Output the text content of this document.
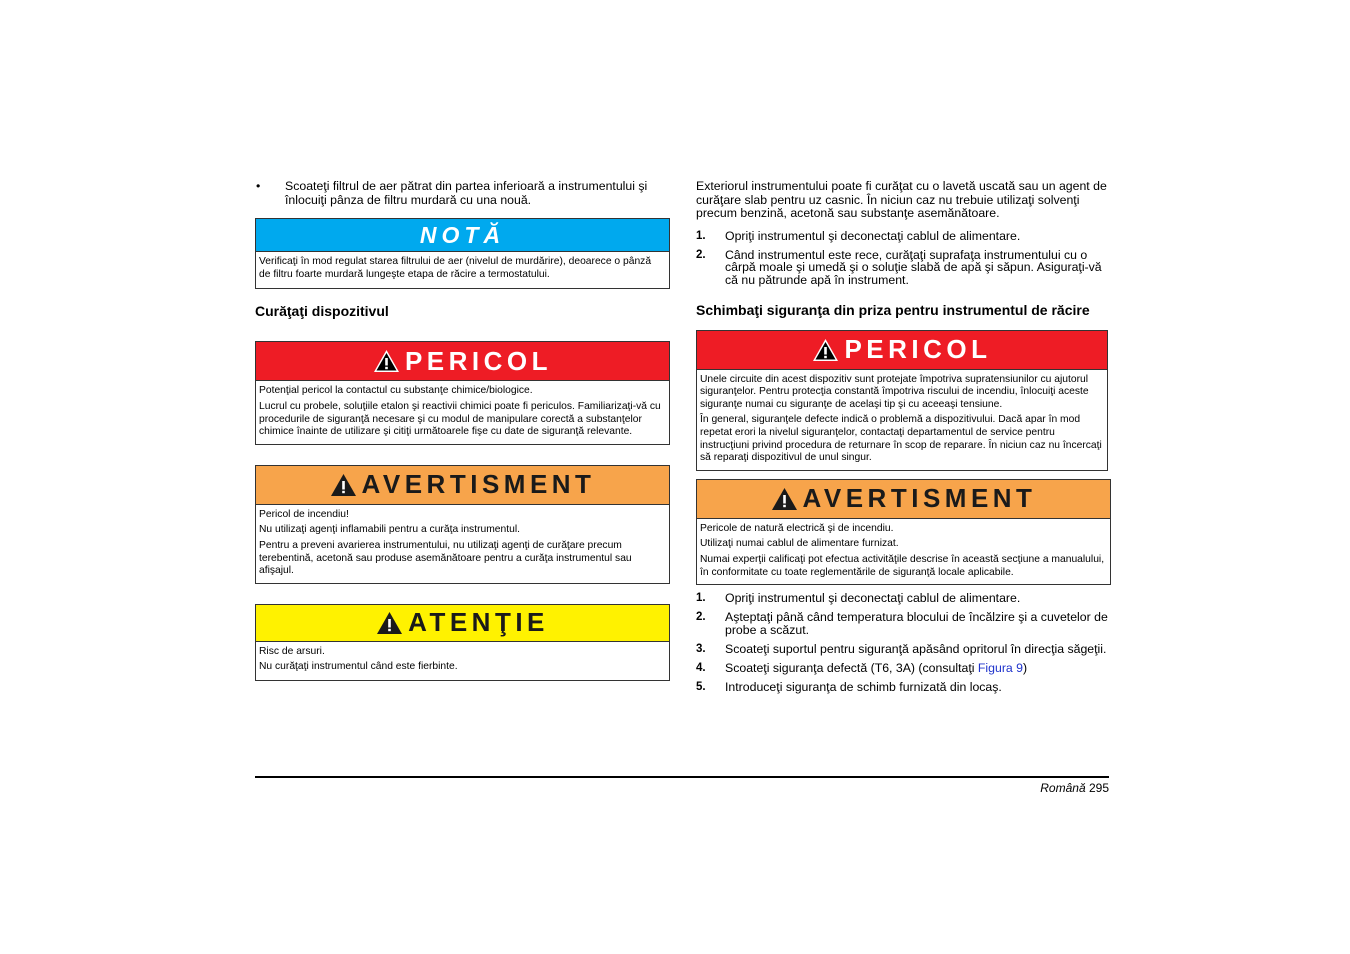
•	Scoateţi filtrul de aer pătrat din partea inferioară a instrumentului şi înlocuiţi pânza de filtru murdară cu una nouă.
NOTĂ

Verificaţi în mod regulat starea filtrului de aer (nivelul de murdărire), deoarece o pânză de filtru foarte murdară lungeşte etapa de răcire a termostatului.

Curăţaţi dispozitivul
PERICOL

Potenţial pericol la contactul cu substanţe chimice/biologice.

Lucrul cu probele, soluţiile etalon şi reactivii chimici poate fi periculos. Familiarizaţi-vă cu procedurile de siguranţă necesare şi cu modul de manipulare corectă a substanţelor chimice înainte de utilizare şi citiţi următoarele fişe cu date de siguranţă relevante.

AVERTISMENT

Pericol de incendiu!

Nu utilizaţi agenţi inflamabili pentru a curăţa instrumentul.

Pentru a preveni avarierea instrumentului, nu utilizaţi agenţi de curăţare precum terebentină, acetonă sau produse asemănătoare pentru a curăţa instrumentul sau afişajul.

ATENŢIE

Risc de arsuri.

Nu curăţaţi instrumentul când este fierbinte.

Exteriorul instrumentului poate fi curăţat cu o lavetă uscată sau un agent de curăţare slab pentru uz casnic. În niciun caz nu trebuie utilizaţi solvenţi precum benzină, acetonă sau substanţe asemănătoare.

1.	Opriţi instrumentul şi deconectaţi cablul de alimentare.
2.	Când instrumentul este rece, curăţaţi suprafaţa instrumentului cu o cârpă moale şi umedă şi o soluţie slabă de apă şi săpun. Asiguraţi-vă că nu pătrunde apă în instrument.
Schimbaţi siguranţa din priza pentru instrumentul de răcire
PERICOL

Unele circuite din acest dispozitiv sunt protejate împotriva supratensiunilor cu ajutorul siguranţelor. Pentru protecţia constantă împotriva riscului de incendiu, înlocuiţi aceste siguranţe numai cu siguranţe de acelaşi tip şi cu aceeaşi tensiune.

În general, siguranţele defecte indică o problemă a dispozitivului. Dacă apar în mod repetat erori la nivelul siguranţelor, contactaţi departamentul de service pentru instrucţiuni privind procedura de returnare în scop de reparare. În niciun caz nu încercaţi să reparaţi dispozitivul de unul singur.

AVERTISMENT

Pericole de natură electrică şi de incendiu.

Utilizaţi numai cablul de alimentare furnizat.

Numai experţii calificaţi pot efectua activităţile descrise în această secţiune a manualului, în conformitate cu toate reglementările de siguranţă locale aplicabile.

1.	Opriţi instrumentul şi deconectaţi cablul de alimentare.
2.	Aşteptaţi până când temperatura blocului de încălzire şi a cuvetelor de probe a scăzut.
3.	Scoateţi suportul pentru siguranţă apăsând opritorul în direcţia săgeţii.
4.	Scoateţi siguranţa defectă (T6, 3A) (consultaţi Figura 9)
5.	Introduceţi siguranţa de schimb furnizată din locaş.
Română 295
